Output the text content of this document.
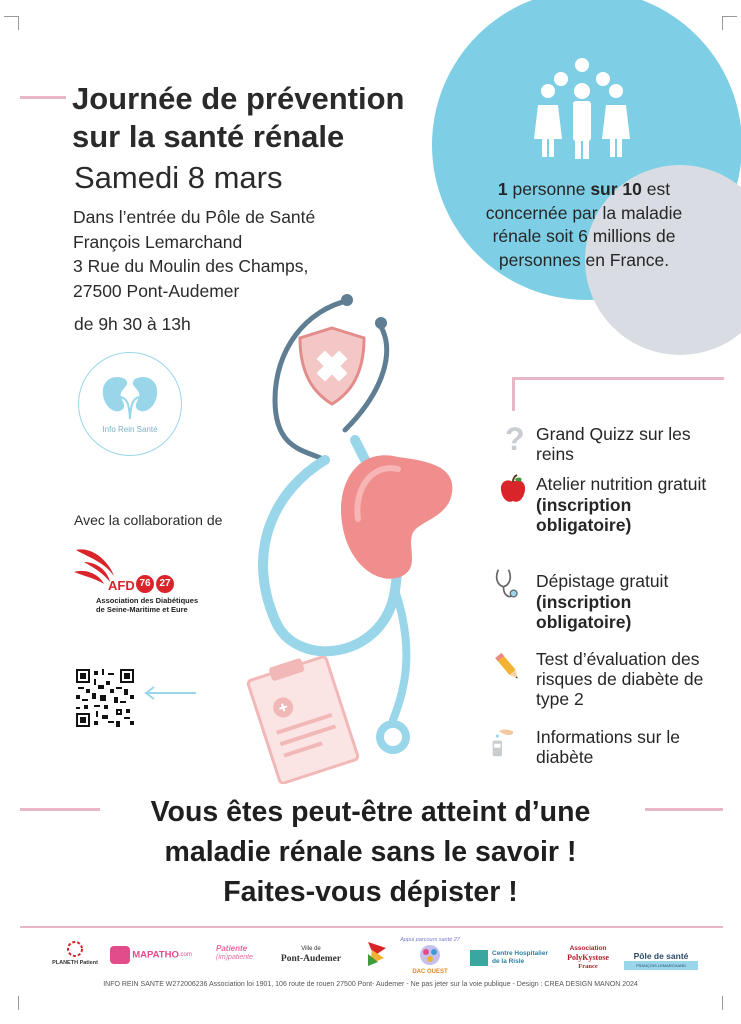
Journée de prévention
sur la santé rénale
Samedi 8 mars
Dans l’entrée du Pôle de Santé
François Lemarchand
3 Rue du Moulin des Champs,
27500 Pont-Audemer
de 9h 30 à 13h
1 personne sur 10 est concernée par la maladie rénale soit 6 millions de personnes en France.
Info Rein Santé
Avec la collaboration de
AFD 76 27
Association des Diabétiques
de Seine-Maritime et Eure
? Grand Quizz sur les reins
Atelier nutrition gratuit
(inscription obligatoire)
Dépistage gratuit
(inscription obligatoire)
Test d’évaluation des risques de diabète de type 2
Informations sur le diabète
Vous êtes peut-être atteint d’une
maladie rénale sans le savoir !
Faites-vous dépister !
PLANETH Patient
MAPATHO.com
Patiente
(im)patiente
Ville de
Pont-Audemer
Appui parcours santé 27
DAC OUEST
Centre Hospitalier
de la Risle
Association
PolyKystose
France
Pôle de santé
FRANÇOIS LEMARCHAND
INFO REIN SANTE W272006236 Association loi 1901, 106 route de rouen 27500 Pont- Audemer - Ne pas jeter sur la voie publique - Design : CREA DESIGN MANON 2024
